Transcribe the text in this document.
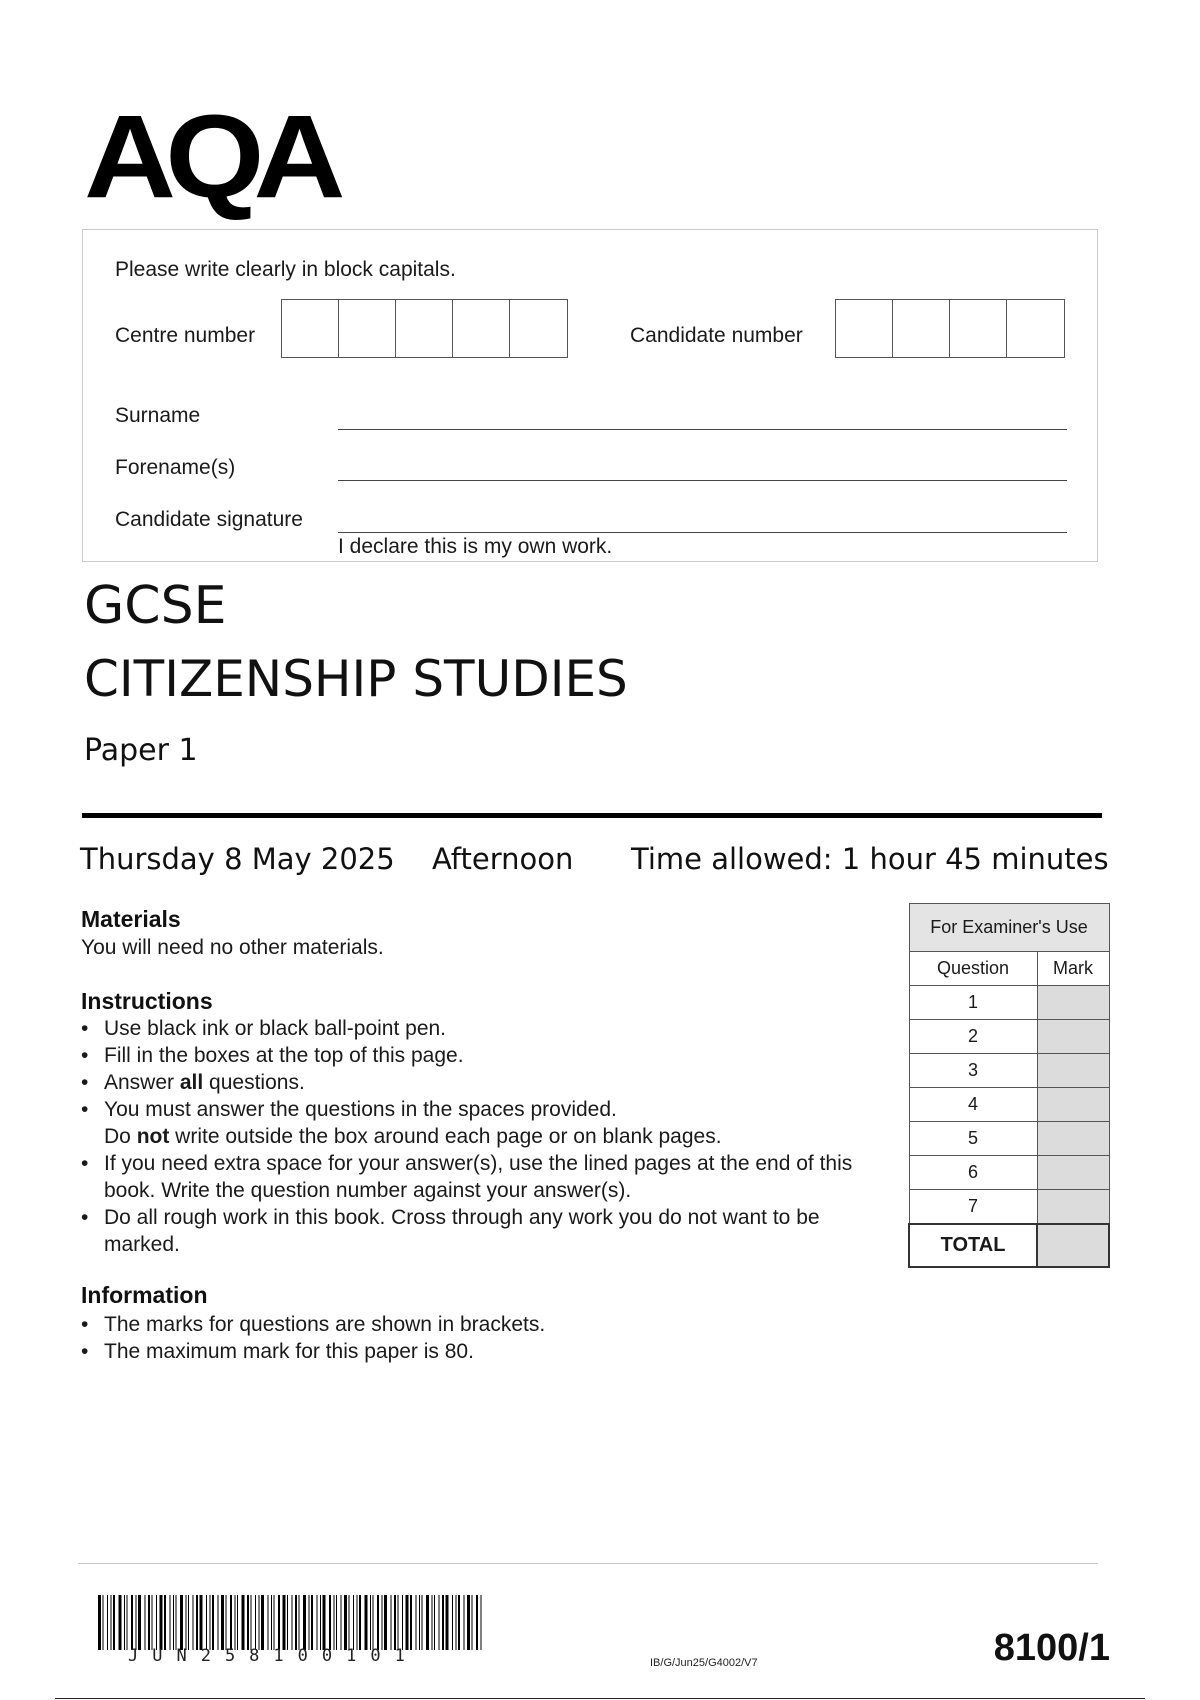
AQA
Please write clearly in block capitals.
Centre number	Candidate number
Surname
Forename(s)
Candidate signature
I declare this is my own work.
GCSE
CITIZENSHIP STUDIES
Paper 1
Thursday 8 May 2025 Afternoon Time allowed: 1 hour 45 minutes
Materials
You will need no other materials.
Instructions
• Use black ink or black ball-point pen.
• Fill in the boxes at the top of this page.
• Answer all questions.
• You must answer the questions in the spaces provided.
Do not write outside the box around each page or on blank pages.
• If you need extra space for your answer(s), use the lined pages at the end of this book. Write the question number against your answer(s).
• Do all rough work in this book. Cross through any work you do not want to be marked.
Information
• The marks for questions are shown in brackets.
• The maximum mark for this paper is 80.
For Examiner's Use	
Question	Mark
1	
2	
3	
4	
5	
6	
7	
TOTAL	
JUN258100101	IB/G/Jun25/G4002/V7	8100/1
